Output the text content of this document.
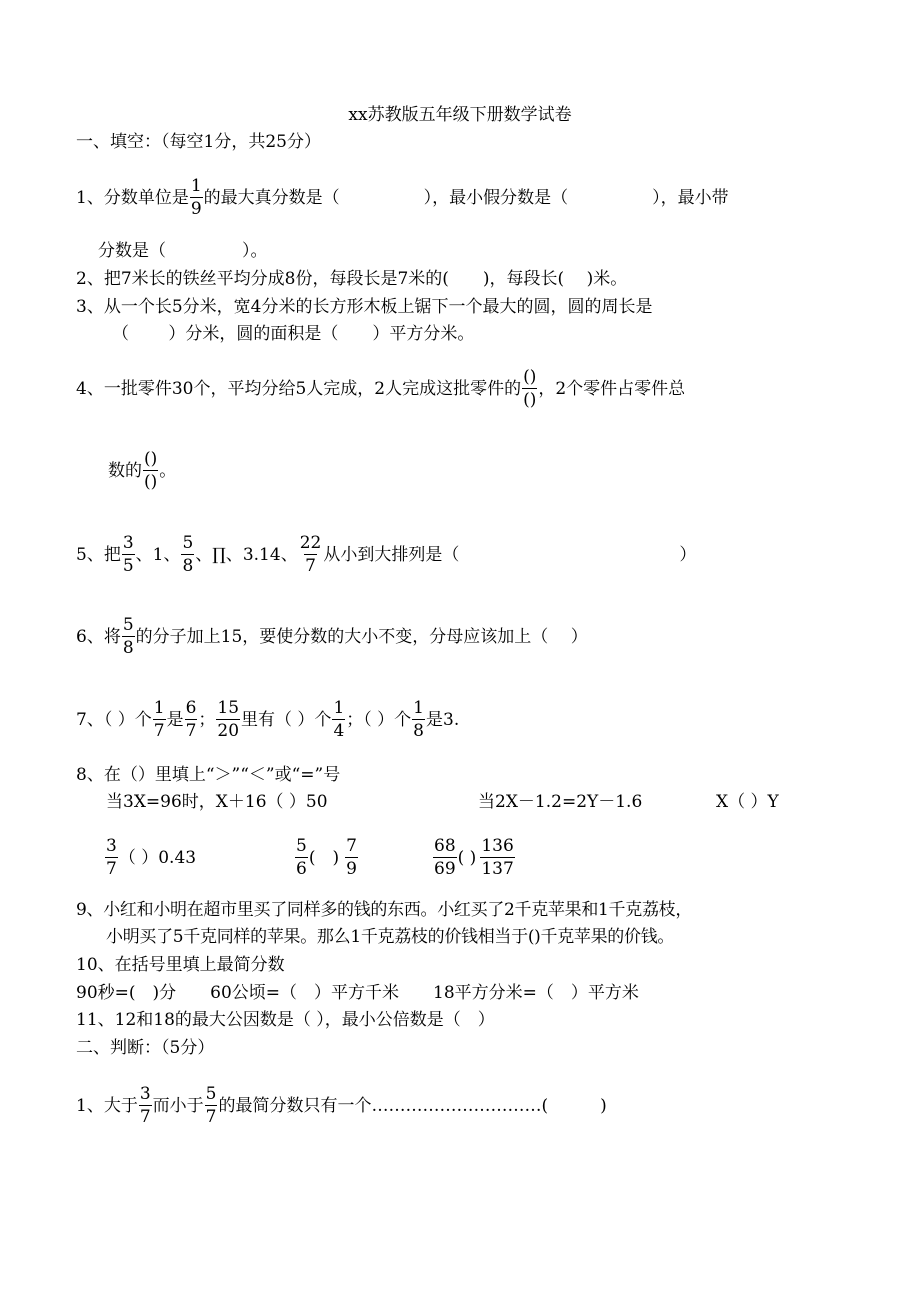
xx苏教版五年级下册数学试卷
一、填空：（每空1分，共25分）
1、分数单位是 $\frac{1}{9}$ 的最大真分数是（	），最小假分数是（	），最小带
分数是（	）。
2、把7米长的铁丝平均分成8份，每段长是7米的(　　)，每段长(　 )米。
3、从一个长5分米，宽4分米的长方形木板上锯下一个最大的圆，圆的周长是
（　　 ）分米，圆的面积是（　　）平方分米。
4、一批零件30个，平均分给5人完成，2人完成这批零件的
()
()
，2个零件占零件总
数的
()
()
。
5、把 $\frac{3}{5}$ 、1、 $\frac{5}{8}$ 、∏、3.14、 $\frac{22}{7}$ 从小到大排列是（	）
6、将 $\frac{5}{8}$ 的分子加上15，要使分数的大小不变，分母应该加上（　 ）
7、（ ）个 $\frac{1}{7}$ 是 $\frac{6}{7}$ ； $\frac{15}{20}$ 里有（ ）个 $\frac{1}{4}$ ；（ ）个 $\frac{1}{8}$ 是3.
8、在（）里填上“＞”“＜”或“=”号
当3X=96时，X＋16（ ）50	当2X－1.2=2Y－1.6	X（ ）Y
$\frac{3}{7}$ （ ）0.43	$\frac{5}{6}$ (　) $\frac{7}{9}$	$\frac{68}{69}$ ( ) $\frac{136}{137}$
9、小红和小明在超市里买了同样多的钱的东西。小红买了2千克苹果和1千克荔枝，
小明买了5千克同样的苹果。那么1千克荔枝的价钱相当于()千克苹果的价钱。
10、在括号里填上最简分数
90秒=(　)分　　60公顷=（　）平方千米　　18平方分米=（　）平方米
11、12和18的最大公因数是（ ），最小公倍数是（　）
二、判断：（5分）
1、大于 $\frac{3}{7}$ 而小于 $\frac{5}{7}$ 的最简分数只有一个…………………………(	)
